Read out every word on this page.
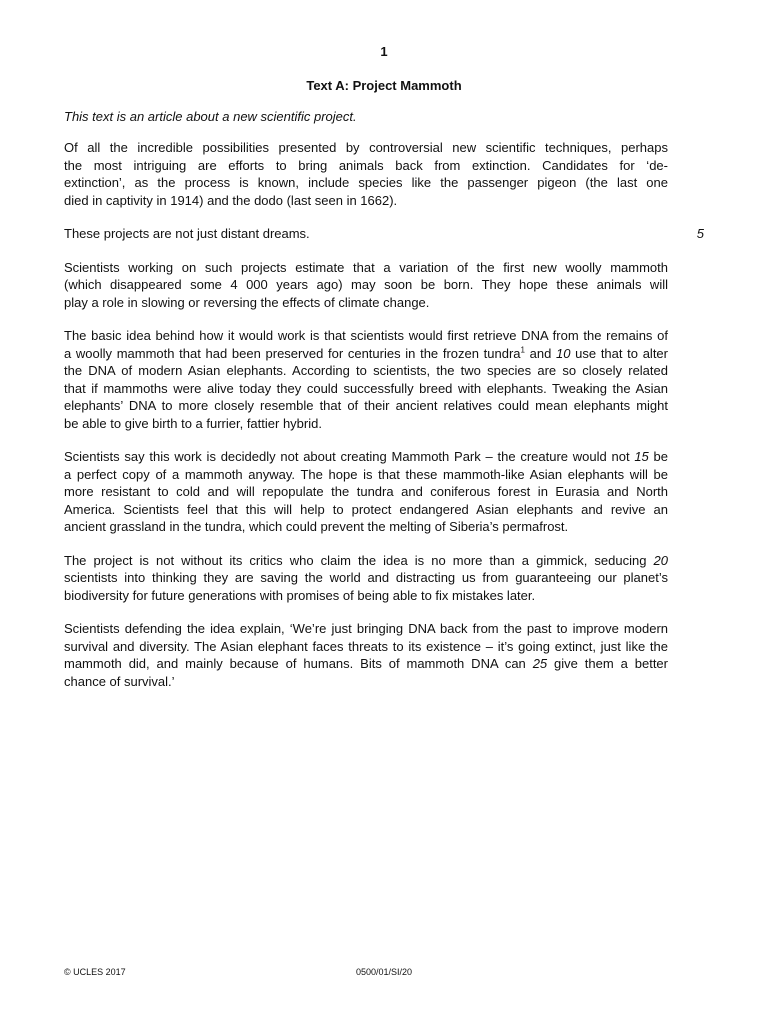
1
Text A: Project Mammoth
This text is an article about a new scientific project.
Of all the incredible possibilities presented by controversial new scientific techniques, perhaps
the most intriguing are efforts to bring animals back from extinction. Candidates for ‘de-
extinction’, as the process is known, include species like the passenger pigeon (the last one
died in captivity in 1914) and the dodo (last seen in 1662).
These projects are not just distant dreams.	5
Scientists working on such projects estimate that a variation of the first new woolly mammoth
(which disappeared some 4 000 years ago) may soon be born. They hope these animals will
play a role in slowing or reversing the effects of climate change.
The basic idea behind how it would work is that scientists would first retrieve DNA from the remains of
a woolly mammoth that had been preserved for centuries in the frozen tundra$^1$ and 10 use that to alter
the DNA of modern Asian elephants. According to scientists, the two species are so closely related
that if mammoths were alive today they could successfully breed with elephants. Tweaking the Asian
elephants’ DNA to more closely resemble that of their ancient relatives could mean elephants might
be able to give birth to a furrier, fattier hybrid.
Scientists say this work is decidedly not about creating Mammoth Park – the creature would not 15 be
a perfect copy of a mammoth anyway. The hope is that these mammoth-like Asian elephants will be
more resistant to cold and will repopulate the tundra and coniferous forest in Eurasia and North
America. Scientists feel that this will help to protect endangered Asian elephants and revive an
ancient grassland in the tundra, which could prevent the melting of Siberia’s permafrost.
The project is not without its critics who claim the idea is no more than a gimmick, seducing 20
scientists into thinking they are saving the world and distracting us from guaranteeing our planet’s
biodiversity for future generations with promises of being able to fix mistakes later.
Scientists defending the idea explain, ‘We’re just bringing DNA back from the past to improve modern
survival and diversity. The Asian elephant faces threats to its existence – it’s going extinct, just like the
mammoth did, and mainly because of humans. Bits of mammoth DNA can 25 give them a better
chance of survival.’
© UCLES 2017	0500/01/SI/20
